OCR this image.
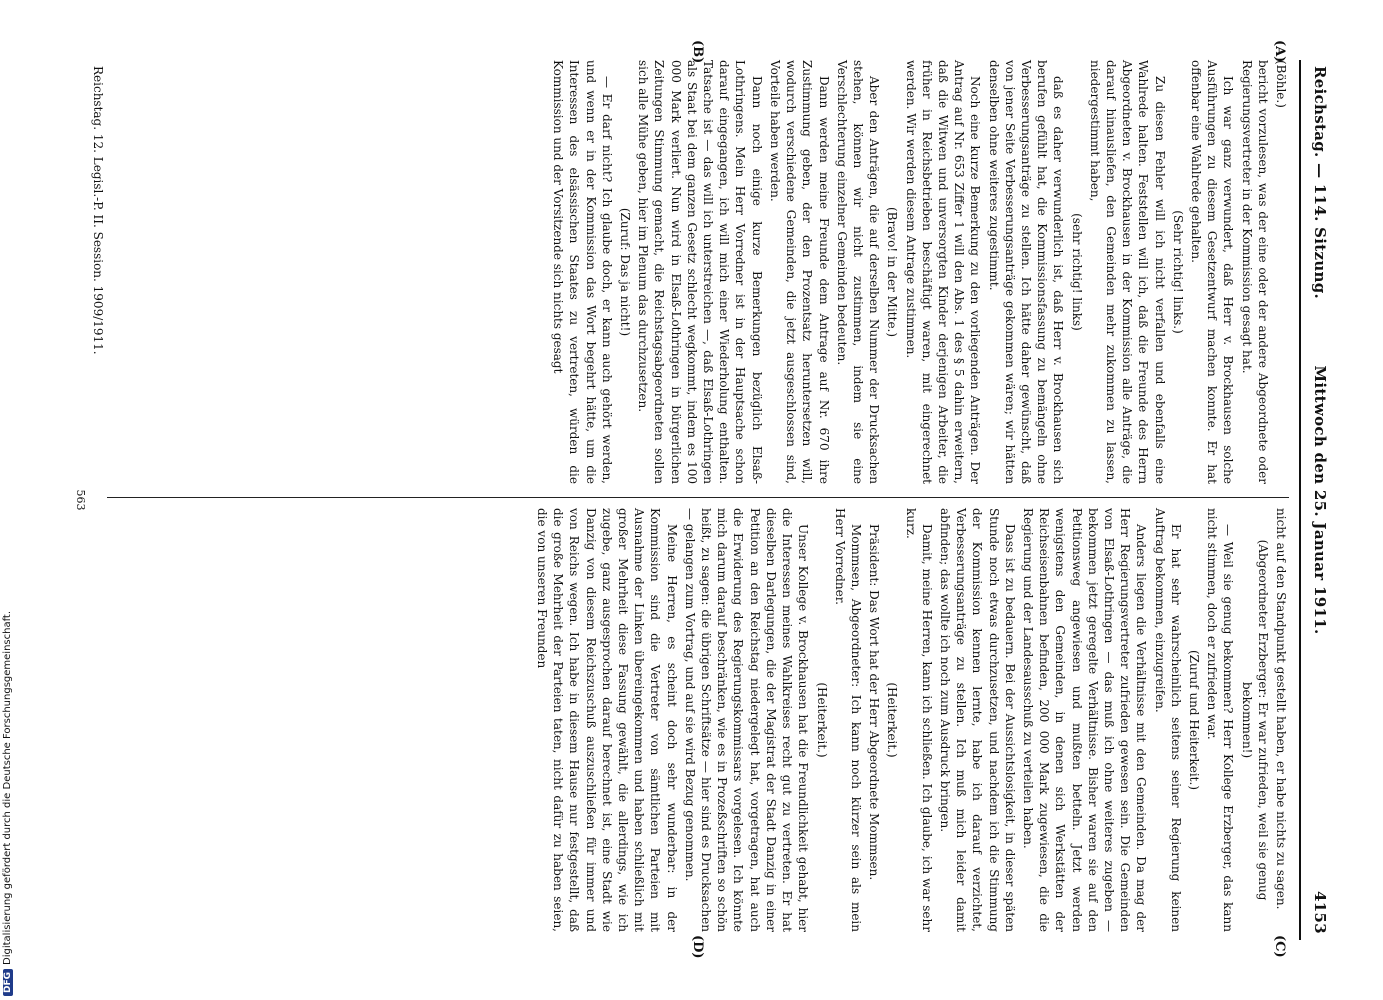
Reichstag. — 114. Sitzung.
Mittwoch den 25. Januar 1911.
4153
(A)
(B)
(C)
(D)

(Böhle.)

bericht vorzulesen, was der eine oder der andere Abgeordnete oder Regierungsvertreter in der Kommission gesagt hat.

Ich war ganz verwundert, daß Herr v. Brockhausen solche Ausführungen zu diesem Gesetzentwurf machen konnte. Er hat offenbar eine Wahlrede gehalten.

(Sehr richtig! links.)

Zu diesen Fehler will ich nicht verfallen und ebenfalls eine Wahlrede halten. Feststellen will ich, daß die Freunde des Herrn Abgeordneten v. Brockhausen in der Kommission alle Anträge, die darauf hinausliefen, den Gemeinden mehr zukommen zu lassen, niedergestimmt haben,

(sehr richtig! links)

daß es daher verwunderlich ist, daß Herr v. Brockhausen sich berufen gefühlt hat, die Kommissionsfassung zu bemängeln ohne Verbesserungsanträge zu stellen. Ich hätte daher gewünscht, daß von jener Seite Verbesserungsanträge gekommen wären; wir hätten denselben ohne weiteres zugestimmt.

Noch eine kurze Bemerkung zu den vorliegenden Anträgen. Der Antrag auf Nr. 653 Ziffer 1 will den Abs. 1 des § 5 dahin erweitern, daß die Witwen und unversorgten Kinder derjenigen Arbeiter, die früher in Reichsbetrieben beschäftigt waren, mit eingerechnet werden. Wir werden diesem Antrage zustimmen.

(Bravo! in der Mitte.)

Aber den Anträgen, die auf derselben Nummer der Drucksachen stehen, können wir nicht zustimmen, indem sie eine Verschlechterung einzelner Gemeinden bedeuten.

Dann werden meine Freunde dem Antrage auf Nr. 670 ihre Zustimmung geben, der den Prozentsatz heruntersetzen will, wodurch verschiedene Gemeinden, die jetzt ausgeschlossen sind, Vorteile haben werden.

Dann noch einige kurze Bemerkungen bezüglich Elsaß-Lothringens. Mein Herr Vorredner ist in der Hauptsache schon darauf eingegangen, ich will mich einer Wiederholung enthalten. Tatsache ist — das will ich unterstreichen —, daß Elsaß-Lothringen als Staat bei dem ganzen Gesetz schlecht wegkommt, indem es 100 000 Mark verliert. Nun wird in Elsaß-Lothringen in bürgerlichen Zeitungen Stimmung gemacht, die Reichstagsabgeordneten sollen sich alle Mühe geben, hier im Plenum das durchzusetzen.

(Zuruf: Das ja nicht!)

— Er darf nicht? Ich glaube doch, er kann auch gehört werden, und wenn er in der Kommission das Wort begehrt hätte, um die Interessen des elsässischen Staates zu vertreten, würden die Kommission und der Vorsitzende sich nichts gesagt

nicht auf den Standpunkt gestellt haben, er habe nichts zu sagen.

(Abgeordneter Erzberger: Er war zufrieden, weil sie genug bekommen!)

— Weil sie genug bekommen? Herr Kollege Erzberger, das kann nicht stimmen, doch er zufrieden war.

(Zuruf und Heiterkeit.)

Er hat sehr wahrscheinlich seitens seiner Regierung keinen Auftrag bekommen, einzugreifen.

Anders liegen die Verhältnisse mit den Gemeinden. Da mag der Herr Regierungsvertreter zufrieden gewesen sein. Die Gemeinden von Elsaß-Lothringen — das muß ich ohne weiteres zugeben — bekommen jetzt geregelte Verhältnisse. Bisher waren sie auf den Petitionsweg angewiesen und mußten betteln. Jetzt werden wenigstens den Gemeinden, in denen sich Werkstätten der Reichseisenbahnen befinden, 200 000 Mark zugewiesen, die die Regierung und der Landesausschuß zu verteilen haben.

Dass ist zu bedauern. Bei der Aussichtslosigkeit, in dieser späten Stunde noch etwas durchzusetzen, und nachdem ich die Stimmung der Kommission kennen lernte, habe ich darauf verzichtet, Verbesserungsanträge zu stellen. Ich muß mich leider damit abfinden; das wollte ich noch zum Ausdruck bringen.

Damit, meine Herren, kann ich schließen. Ich glaube, ich war sehr kurz.

(Heiterkeit.)

Präsident: Das Wort hat der Herr Abgeordnete Mommsen.

Mommsen, Abgeordneter: Ich kann noch kürzer sein als mein Herr Vorredner.

(Heiterkeit.)

Unser Kollege v. Brockhausen hat die Freundlichkeit gehabt, hier die Interessen meines Wahlkreises recht gut zu vertreten. Er hat dieselben Darlegungen, die der Magistrat der Stadt Danzig in einer Petition an den Reichstag niedergelegt hat, vorgetragen, hat auch die Erwiderung des Regierungskommissars vorgelesen. Ich könnte mich darum darauf beschränken, wie es in Prozeßschriften so schön heißt, zu sagen: die übrigen Schriftsätze — hier sind es Drucksachen — gelangen zum Vortrag, und auf sie wird Bezug genommen.

Meine Herren, es scheint doch sehr wunderbar: in der Kommission sind die Vertreter von sämtlichen Parteien mit Ausnahme der Linken übereingekommen und haben schließlich mit großer Mehrheit diese Fassung gewählt, die allerdings, wie ich zugebe, ganz ausgesprochen darauf berechnet ist, eine Stadt wie Danzig von diesem Reichszuschuß auszuschließen für immer und von Reichs wegen. Ich habe in diesem Hause nur festgestellt, daß die große Mehrheit der Parteien taten, nicht dafür zu haben seien, die von unseren Freunden

Reichstag. 12. Legisl.-P. II. Session. 1909/1911.
563
DFGDigitalisierung gefördert durch die Deutsche Forschungsgemeinschaft.
